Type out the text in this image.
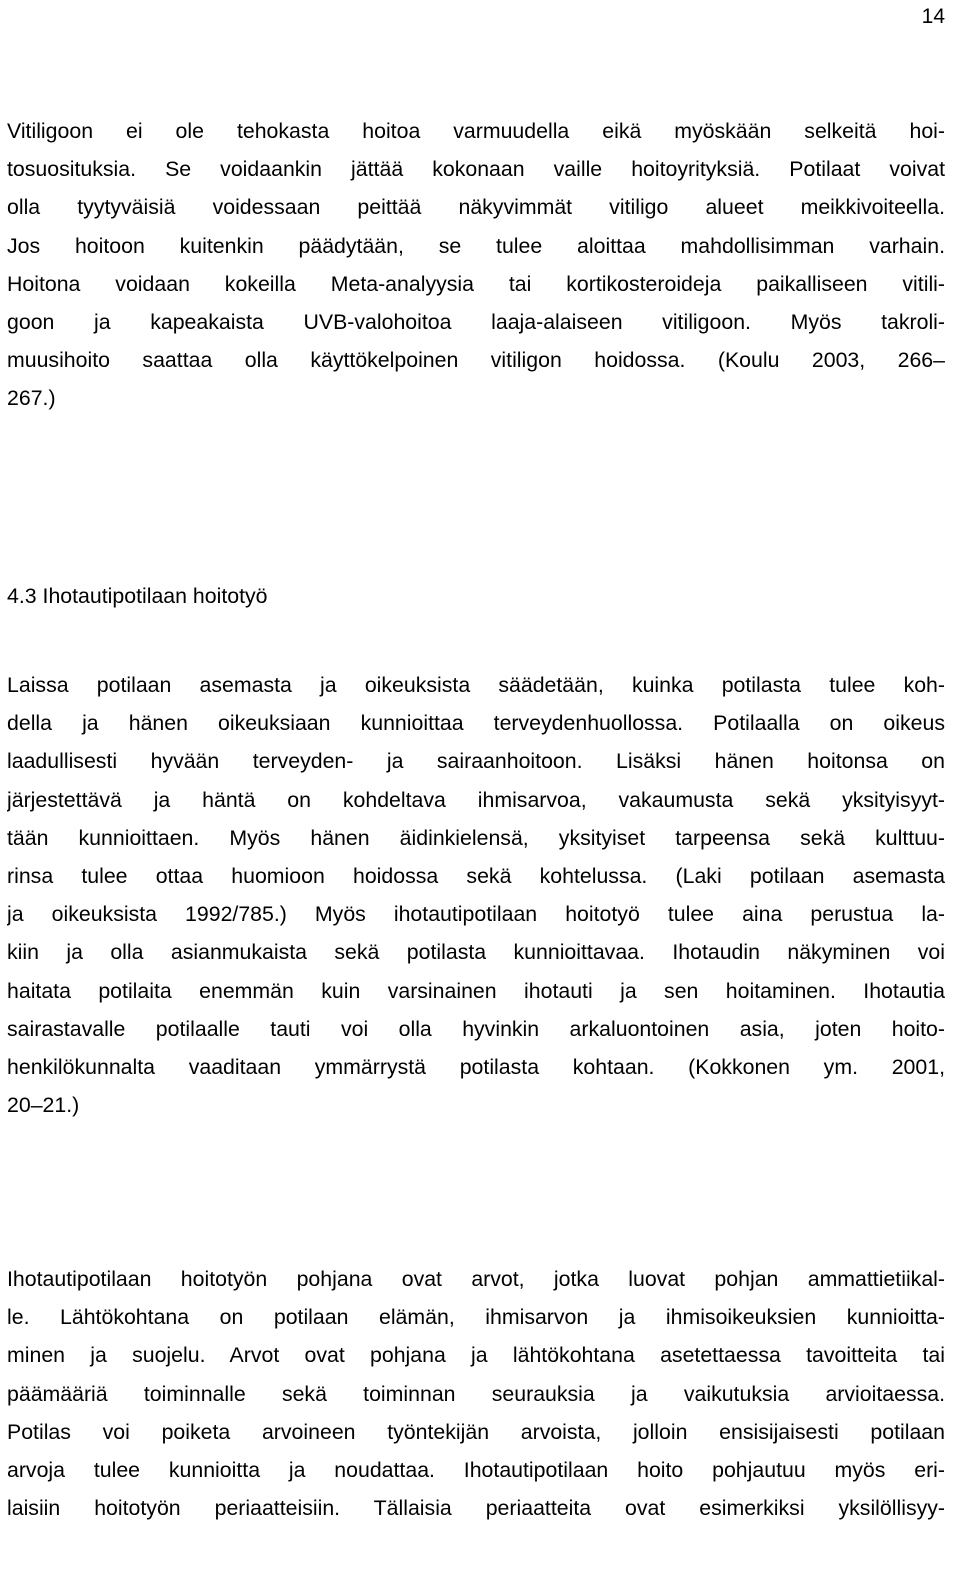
14
Vitiligoon ei ole tehokasta hoitoa varmuudella eikä myöskään selkeitä hoi-
tosuosituksia. Se voidaankin jättää kokonaan vaille hoitoyrityksiä. Potilaat voivat
olla tyytyväisiä voidessaan peittää näkyvimmät vitiligo alueet meikkivoiteella.
Jos hoitoon kuitenkin päädytään, se tulee aloittaa mahdollisimman varhain.
Hoitona voidaan kokeilla Meta-analyysia tai kortikosteroideja paikalliseen vitili-
goon ja kapeakaista UVB-valohoitoa laaja-alaiseen vitiligoon. Myös takroli-
muusihoito saattaa olla käyttökelpoinen vitiligon hoidossa. (Koulu 2003, 266–
267.)
4.3 Ihotautipotilaan hoitotyö
Laissa potilaan asemasta ja oikeuksista säädetään, kuinka potilasta tulee koh-
della ja hänen oikeuksiaan kunnioittaa terveydenhuollossa. Potilaalla on oikeus
laadullisesti hyvään terveyden- ja sairaanhoitoon. Lisäksi hänen hoitonsa on
järjestettävä ja häntä on kohdeltava ihmisarvoa, vakaumusta sekä yksityisyyt-
tään kunnioittaen. Myös hänen äidinkielensä, yksityiset tarpeensa sekä kulttuu-
rinsa tulee ottaa huomioon hoidossa sekä kohtelussa. (Laki potilaan asemasta
ja oikeuksista 1992/785.) Myös ihotautipotilaan hoitotyö tulee aina perustua la-
kiin ja olla asianmukaista sekä potilasta kunnioittavaa. Ihotaudin näkyminen voi
haitata potilaita enemmän kuin varsinainen ihotauti ja sen hoitaminen. Ihotautia
sairastavalle potilaalle tauti voi olla hyvinkin arkaluontoinen asia, joten hoito-
henkilökunnalta vaaditaan ymmärrystä potilasta kohtaan. (Kokkonen ym. 2001,
20–21.)
Ihotautipotilaan hoitotyön pohjana ovat arvot, jotka luovat pohjan ammattietiikal-
le. Lähtökohtana on potilaan elämän, ihmisarvon ja ihmisoikeuksien kunnioitta-
minen ja suojelu. Arvot ovat pohjana ja lähtökohtana asetettaessa tavoitteita tai
päämääriä toiminnalle sekä toiminnan seurauksia ja vaikutuksia arvioitaessa.
Potilas voi poiketa arvoineen työntekijän arvoista, jolloin ensisijaisesti potilaan
arvoja tulee kunnioitta ja noudattaa. Ihotautipotilaan hoito pohjautuu myös eri-
laisiin hoitotyön periaatteisiin. Tällaisia periaatteita ovat esimerkiksi yksilöllisyy-
